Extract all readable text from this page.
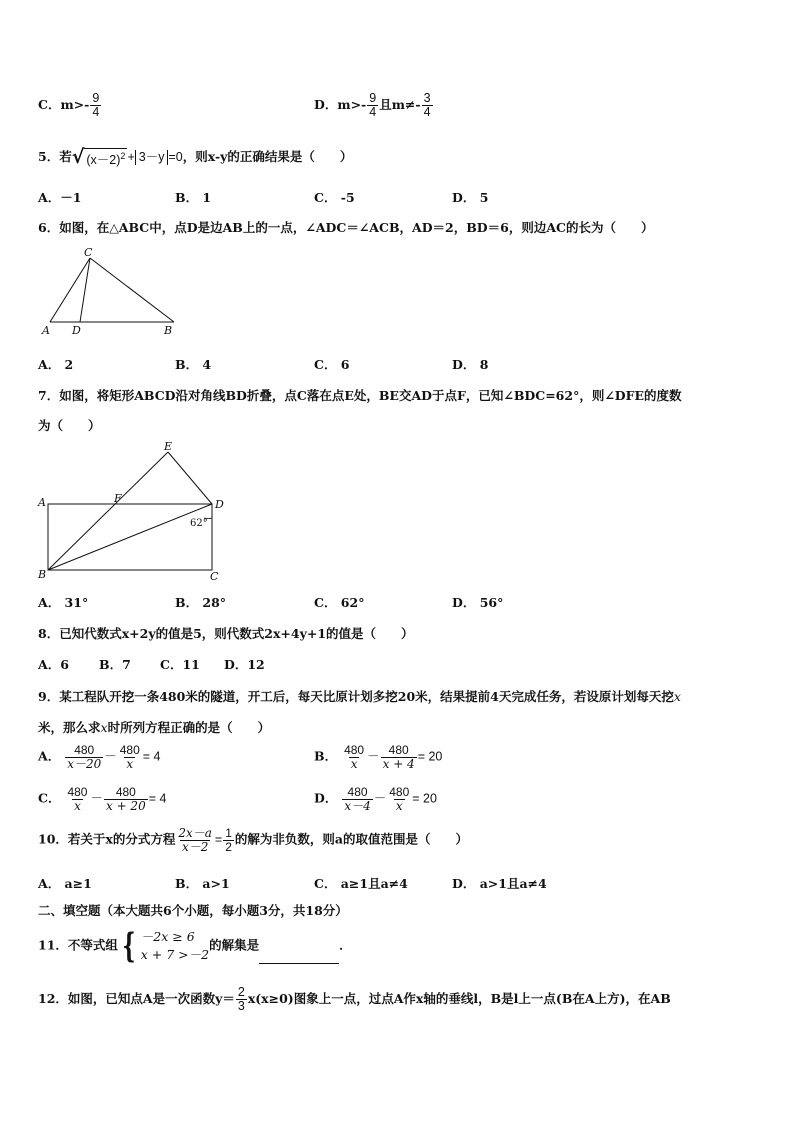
C．$m>- \frac{9}{4}$	D．$m>- \frac{9}{4}$ 且$m\ne- \frac{3}{4}$
5．若 √ $(x-2)^2 + 3-y =0$，则x-y的正确结果是（　　）
A．－1	B． 1	C． -5	D． 5
6．如图，在△ABC中，点D是边AB上的一点，∠ADC＝∠ACB，AD＝2，BD＝6，则边AC的长为（　　）
A D	B
C
A． 2	B． 4	C． 6	D． 8
7．如图，将矩形ABCD沿对角线BD折叠，点C落在点E处，BE交AD于点F，已知∠BDC=62°，则∠DFE的度数
为（　　）
A	F
E
D
B	C
62°
A． 31°	B． 28°	C． 62°	D． 56°
8．已知代数式x+2y的值是5，则代数式2x+4y+1的值是（　　）
A．6 B．7 C．11 D．12
9．某工程队开挖一条480米的隧道，开工后，每天比原计划多挖20米，结果提前4天完成任务，若设原计划每天挖x
米，那么求x时所列方程正确的是（　　）
A． $\frac{480}{x-20} - \frac{480}{x} = 4$	B． $\frac{480}{x} - \frac{480}{x + 4} = 20$
C． $\frac{480}{x} - \frac{480}{x + 20} = 4$	D． $\frac{480}{x-4} - \frac{480}{x} = 20$
10．若关于x的分式方程 $\frac{2x-a}{x-2} = \frac{1}{2}$ 的解为非负数，则a的取值范围是（　　）
A． a≥1	B． a>1	C． a≥1且a≠4	D． a>1且a≠4
二、填空题（本大题共6个小题，每小题3分，共18分）
11．不等式组 { －2x ≥ 6
x + 7 >－2
的解集是	．
12．如图，已知点A是一次函数$y= \frac{2}{3} x(x\ge 0)$图象上一点，过点A作x轴的垂线l，B是l上一点(B在A上方)，在AB
